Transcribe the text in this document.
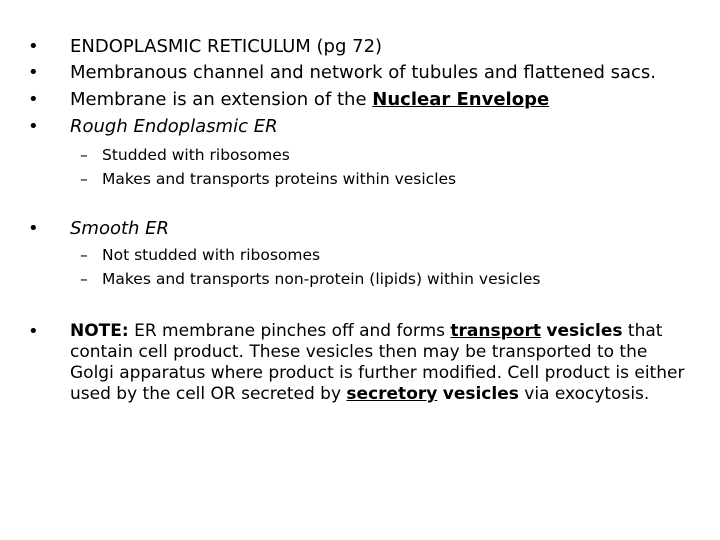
• ENDOPLASMIC RETICULUM (pg 72)
• Membranous channel and network of tubules and flattened sacs.
• Membrane is an extension of the Nuclear Envelope
• Rough Endoplasmic ER
– Studded with ribosomes
– Makes and transports proteins within vesicles
• Smooth ER
– Not studded with ribosomes
– Makes and transports non-protein (lipids) within vesicles
• NOTE: ER membrane pinches off and forms transport vesicles that contain cell product. These vesicles then may be transported to the Golgi apparatus where product is further modified. Cell product is either used by the cell OR secreted by secretory vesicles via exocytosis.
